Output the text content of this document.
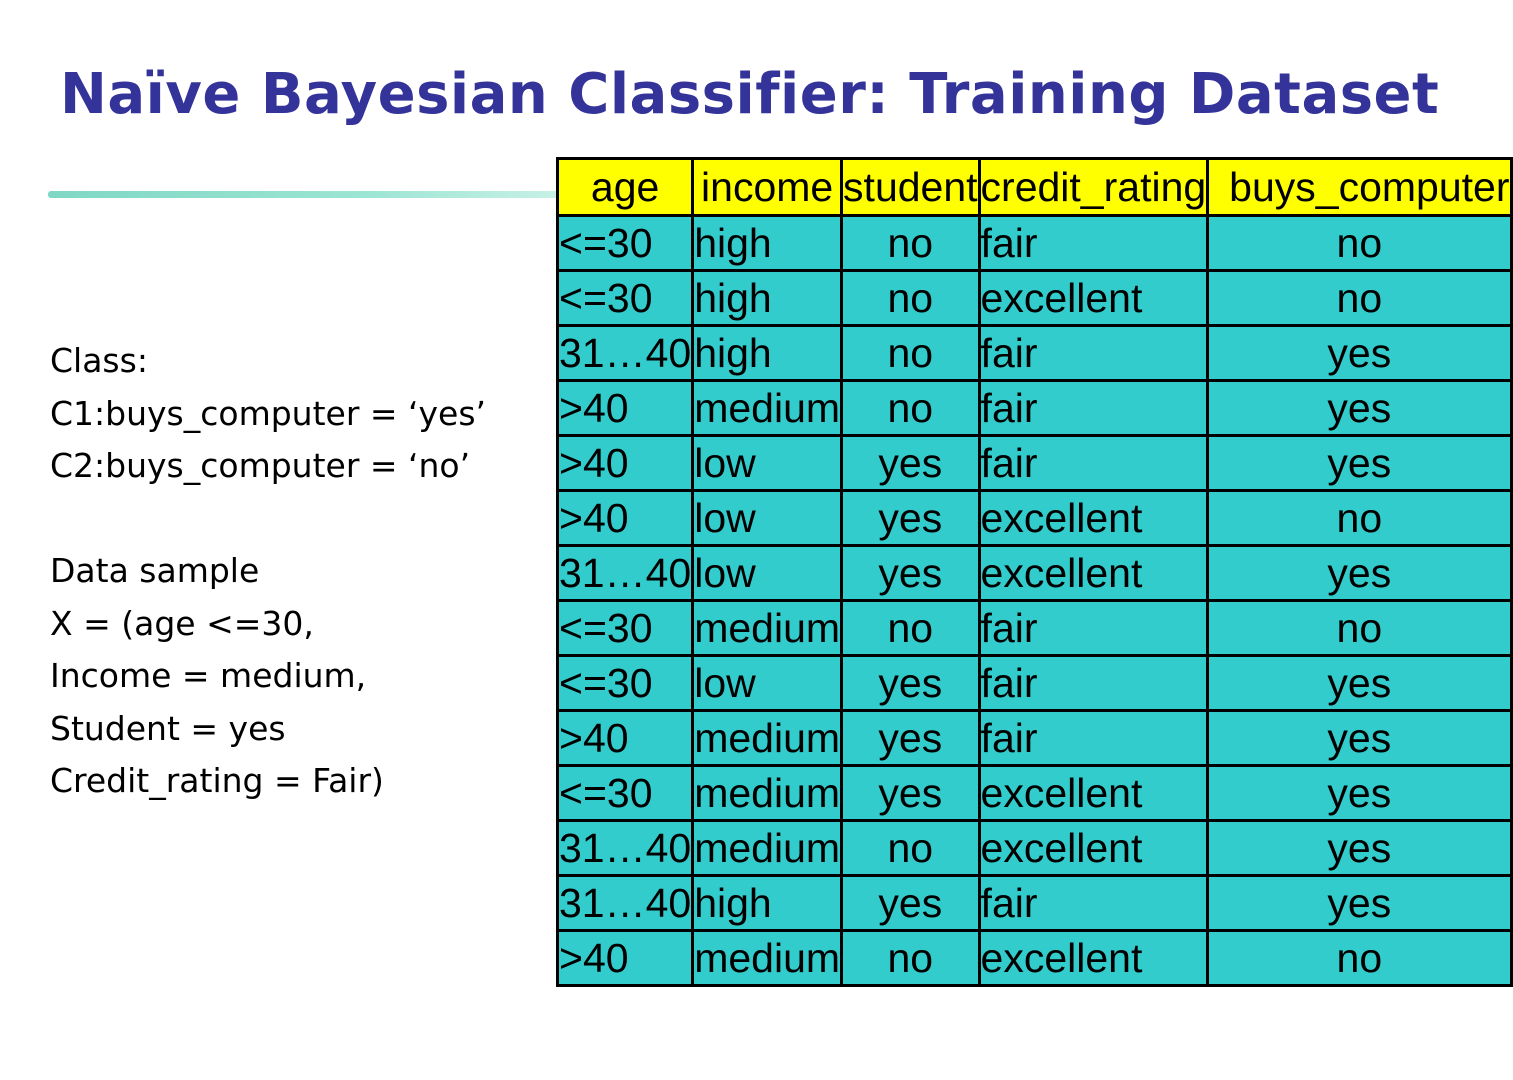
Naïve Bayesian Classifier: Training Dataset
Class:
C1:buys_computer = ‘yes’
C2:buys_computer = ‘no’
Data sample
X = (age <=30,
Income = medium,
Student = yes
Credit_rating = Fair)
age	income	student	credit_rating	buys_computer
<=30	high	no	fair	no
<=30	high	no	excellent	no
31…40	high	no	fair	yes
>40	medium	no	fair	yes
>40	low	yes	fair	yes
>40	low	yes	excellent	no
31…40	low	yes	excellent	yes
<=30	medium	no	fair	no
<=30	low	yes	fair	yes
>40	medium	yes	fair	yes
<=30	medium	yes	excellent	yes
31…40	medium	no	excellent	yes
31…40	high	yes	fair	yes
>40	medium	no	excellent	no
